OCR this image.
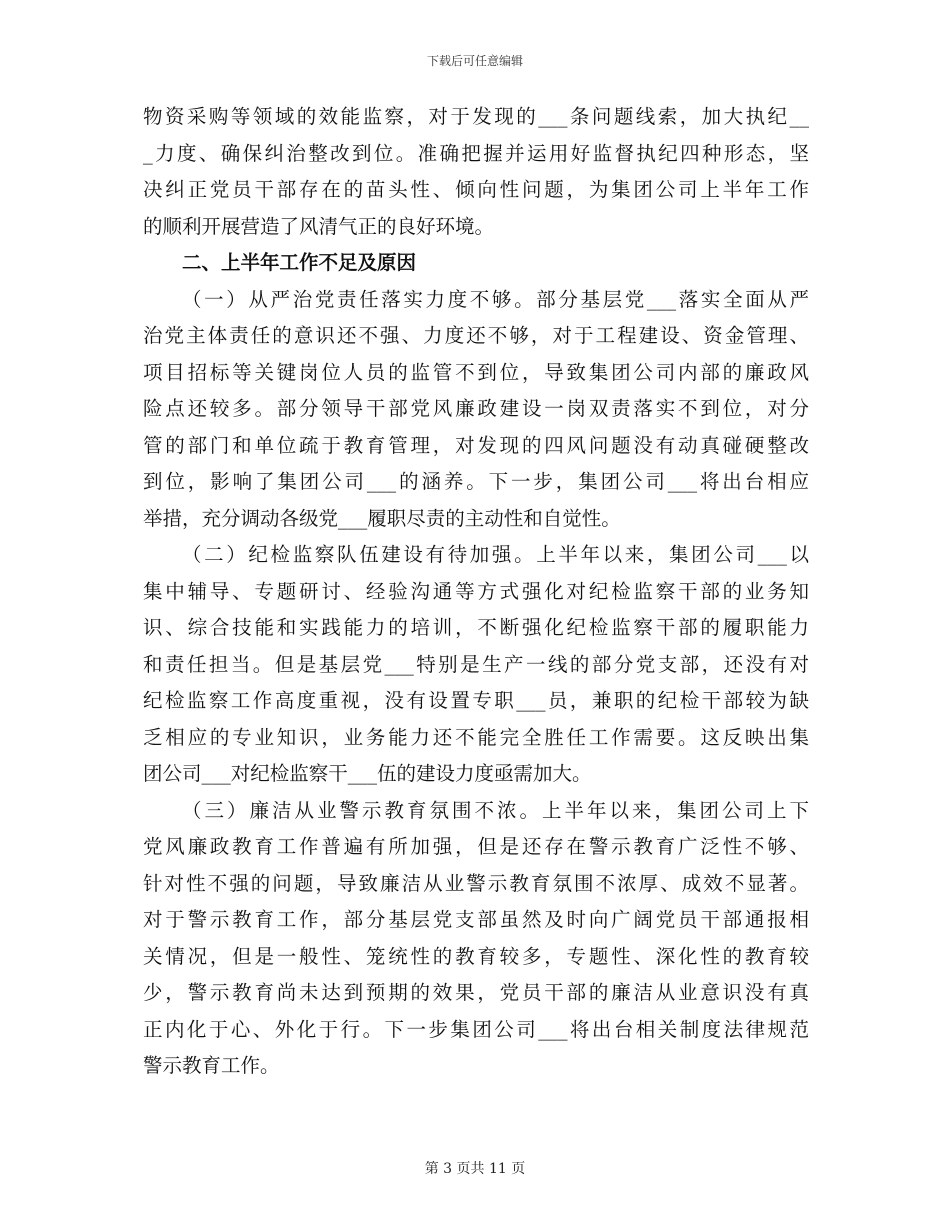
下载后可任意编辑
物资采购等领域的效能监察，对于发现的___条问题线索，加大执纪__
_力度、确保纠治整改到位。准确把握并运用好监督执纪四种形态，坚
决纠正党员干部存在的苗头性、倾向性问题，为集团公司上半年工作
的顺利开展营造了风清气正的良好环境。
二、上半年工作不足及原因
（一）从严治党责任落实力度不够。部分基层党___落实全面从严
治党主体责任的意识还不强、力度还不够，对于工程建设、资金管理、
项目招标等关键岗位人员的监管不到位，导致集团公司内部的廉政风
险点还较多。部分领导干部党风廉政建设一岗双责落实不到位，对分
管的部门和单位疏于教育管理，对发现的四风问题没有动真碰硬整改
到位，影响了集团公司___的涵养。下一步，集团公司___将出台相应
举措，充分调动各级党___履职尽责的主动性和自觉性。
（二）纪检监察队伍建设有待加强。上半年以来，集团公司___以
集中辅导、专题研讨、经验沟通等方式强化对纪检监察干部的业务知
识、综合技能和实践能力的培训，不断强化纪检监察干部的履职能力
和责任担当。但是基层党___特别是生产一线的部分党支部，还没有对
纪检监察工作高度重视，没有设置专职___员，兼职的纪检干部较为缺
乏相应的专业知识，业务能力还不能完全胜任工作需要。这反映出集
团公司___对纪检监察干___伍的建设力度亟需加大。
（三）廉洁从业警示教育氛围不浓。上半年以来，集团公司上下
党风廉政教育工作普遍有所加强，但是还存在警示教育广泛性不够、
针对性不强的问题，导致廉洁从业警示教育氛围不浓厚、成效不显著。
对于警示教育工作，部分基层党支部虽然及时向广阔党员干部通报相
关情况，但是一般性、笼统性的教育较多，专题性、深化性的教育较
少，警示教育尚未达到预期的效果，党员干部的廉洁从业意识没有真
正内化于心、外化于行。下一步集团公司___将出台相关制度法律规范
警示教育工作。
第 3 页共 11 页
